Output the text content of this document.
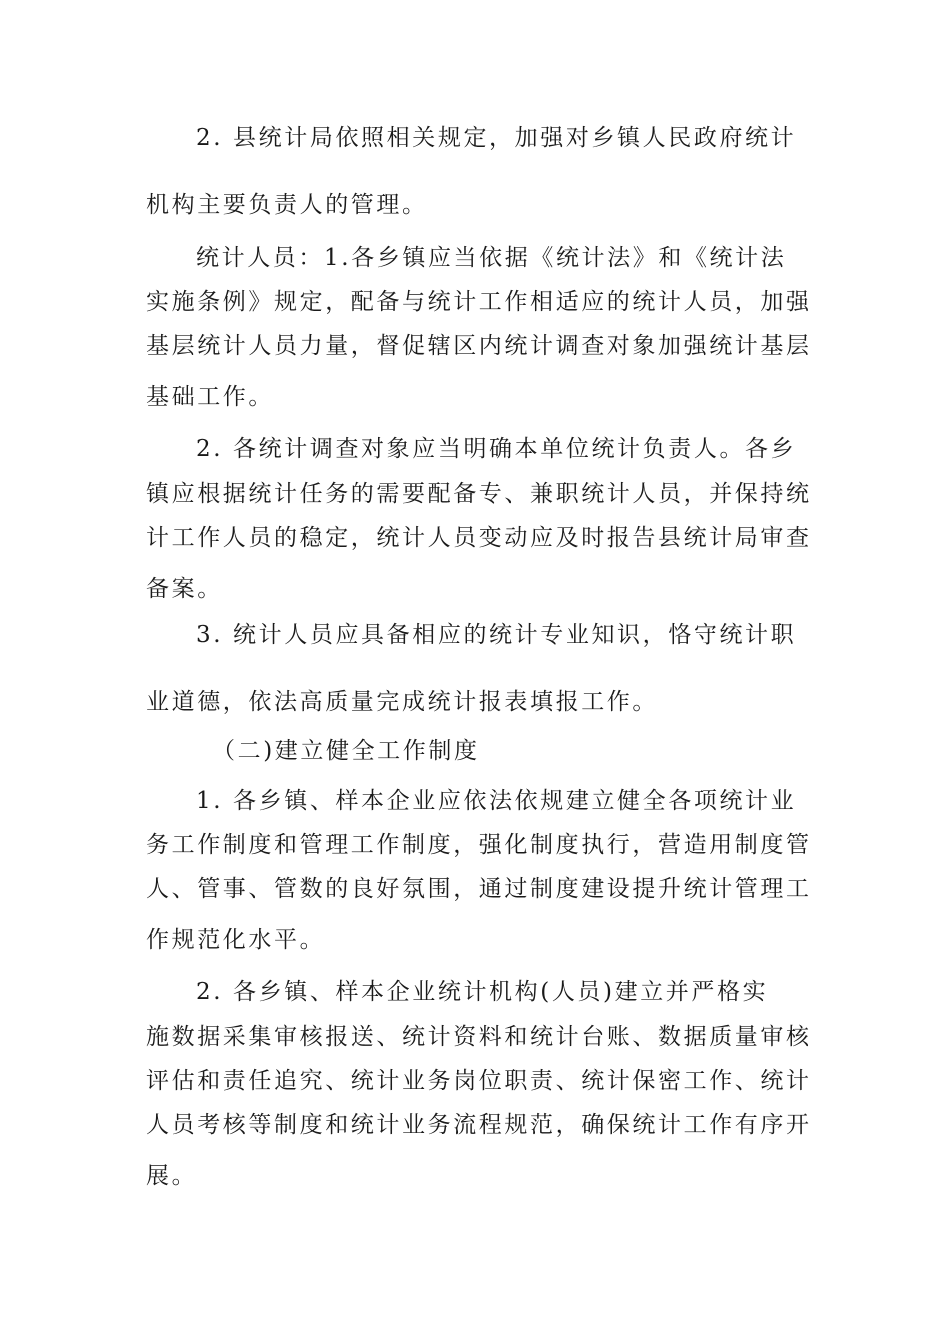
2. 县统计局依照相关规定，加强对乡镇人民政府统计
机构主要负责人的管理。
统计人员：1.各乡镇应当依据《统计法》和《统计法
实施条例》规定，配备与统计工作相适应的统计人员，加强
基层统计人员力量，督促辖区内统计调查对象加强统计基层
基础工作。
2. 各统计调查对象应当明确本单位统计负责人。各乡
镇应根据统计任务的需要配备专、兼职统计人员，并保持统
计工作人员的稳定，统计人员变动应及时报告县统计局审查
备案。
3. 统计人员应具备相应的统计专业知识，恪守统计职
业道德，依法高质量完成统计报表填报工作。
（二)建立健全工作制度
1. 各乡镇、样本企业应依法依规建立健全各项统计业
务工作制度和管理工作制度，强化制度执行，营造用制度管
人、管事、管数的良好氛围，通过制度建设提升统计管理工
作规范化水平。
2. 各乡镇、样本企业统计机构(人员)建立并严格实
施数据采集审核报送、统计资料和统计台账、数据质量审核
评估和责任追究、统计业务岗位职责、统计保密工作、统计
人员考核等制度和统计业务流程规范，确保统计工作有序开
展。
